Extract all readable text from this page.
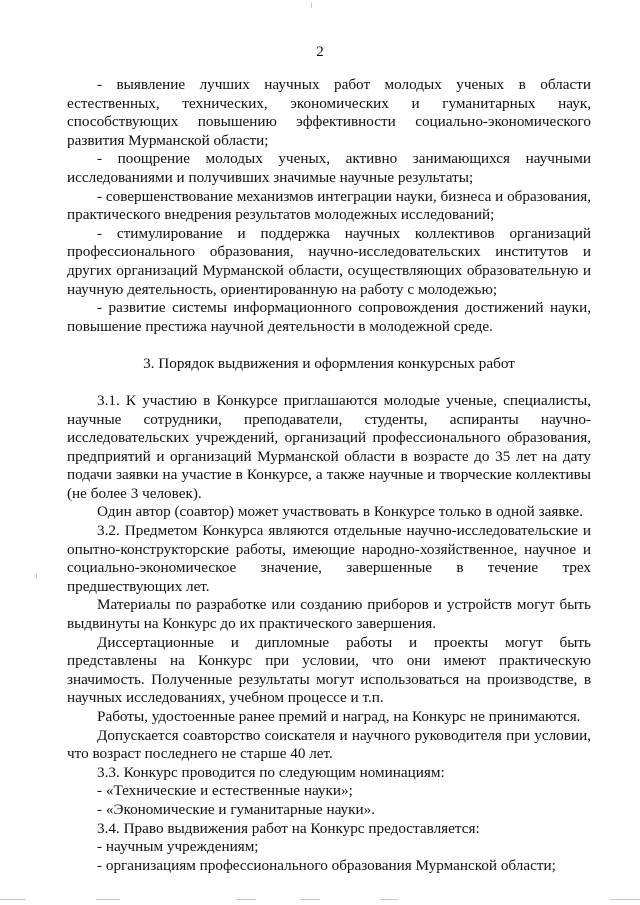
2

- выявление лучших научных работ молодых ученых в области естественных, технических, экономических и гуманитарных наук, способствующих повышению эффективности социально-экономического развития Мурманской области;

- поощрение молодых ученых, активно занимающихся научными исследованиями и получивших значимые научные результаты;

- совершенствование механизмов интеграции науки, бизнеса и образования, практического внедрения результатов молодежных исследований;

- стимулирование и поддержка научных коллективов организаций профессионального образования, научно-исследовательских институтов и других организаций Мурманской области, осуществляющих образовательную и научную деятельность, ориентированную на работу с молодежью;

- развитие системы информационного сопровождения достижений науки, повышение престижа научной деятельности в молодежной среде.

3. Порядок выдвижения и оформления конкурсных работ

3.1. К участию в Конкурсе приглашаются молодые ученые, специалисты, научные сотрудники, преподаватели, студенты, аспиранты научно-исследовательских учреждений, организаций профессионального образования, предприятий и организаций Мурманской области в возрасте до 35 лет на дату подачи заявки на участие в Конкурсе, а также научные и творческие коллективы (не более 3 человек).

Один автор (соавтор) может участвовать в Конкурсе только в одной заявке.

3.2. Предметом Конкурса являются отдельные научно-исследовательские и опытно-конструкторские работы, имеющие народно-хозяйственное, научное и социально-экономическое значение, завершенные в течение трех предшествующих лет.

Материалы по разработке или созданию приборов и устройств могут быть выдвинуты на Конкурс до их практического завершения.

Диссертационные и дипломные работы и проекты могут быть представлены на Конкурс при условии, что они имеют практическую значимость. Полученные результаты могут использоваться на производстве, в научных исследованиях, учебном процессе и т.п.

Работы, удостоенные ранее премий и наград, на Конкурс не принимаются.

Допускается соавторство соискателя и научного руководителя при условии, что возраст последнего не старше 40 лет.

3.3. Конкурс проводится по следующим номинациям:

- «Технические и естественные науки»;

- «Экономические и гуманитарные науки».

3.4. Право выдвижения работ на Конкурс предоставляется:

- научным учреждениям;

- организациям профессионального образования Мурманской области;
